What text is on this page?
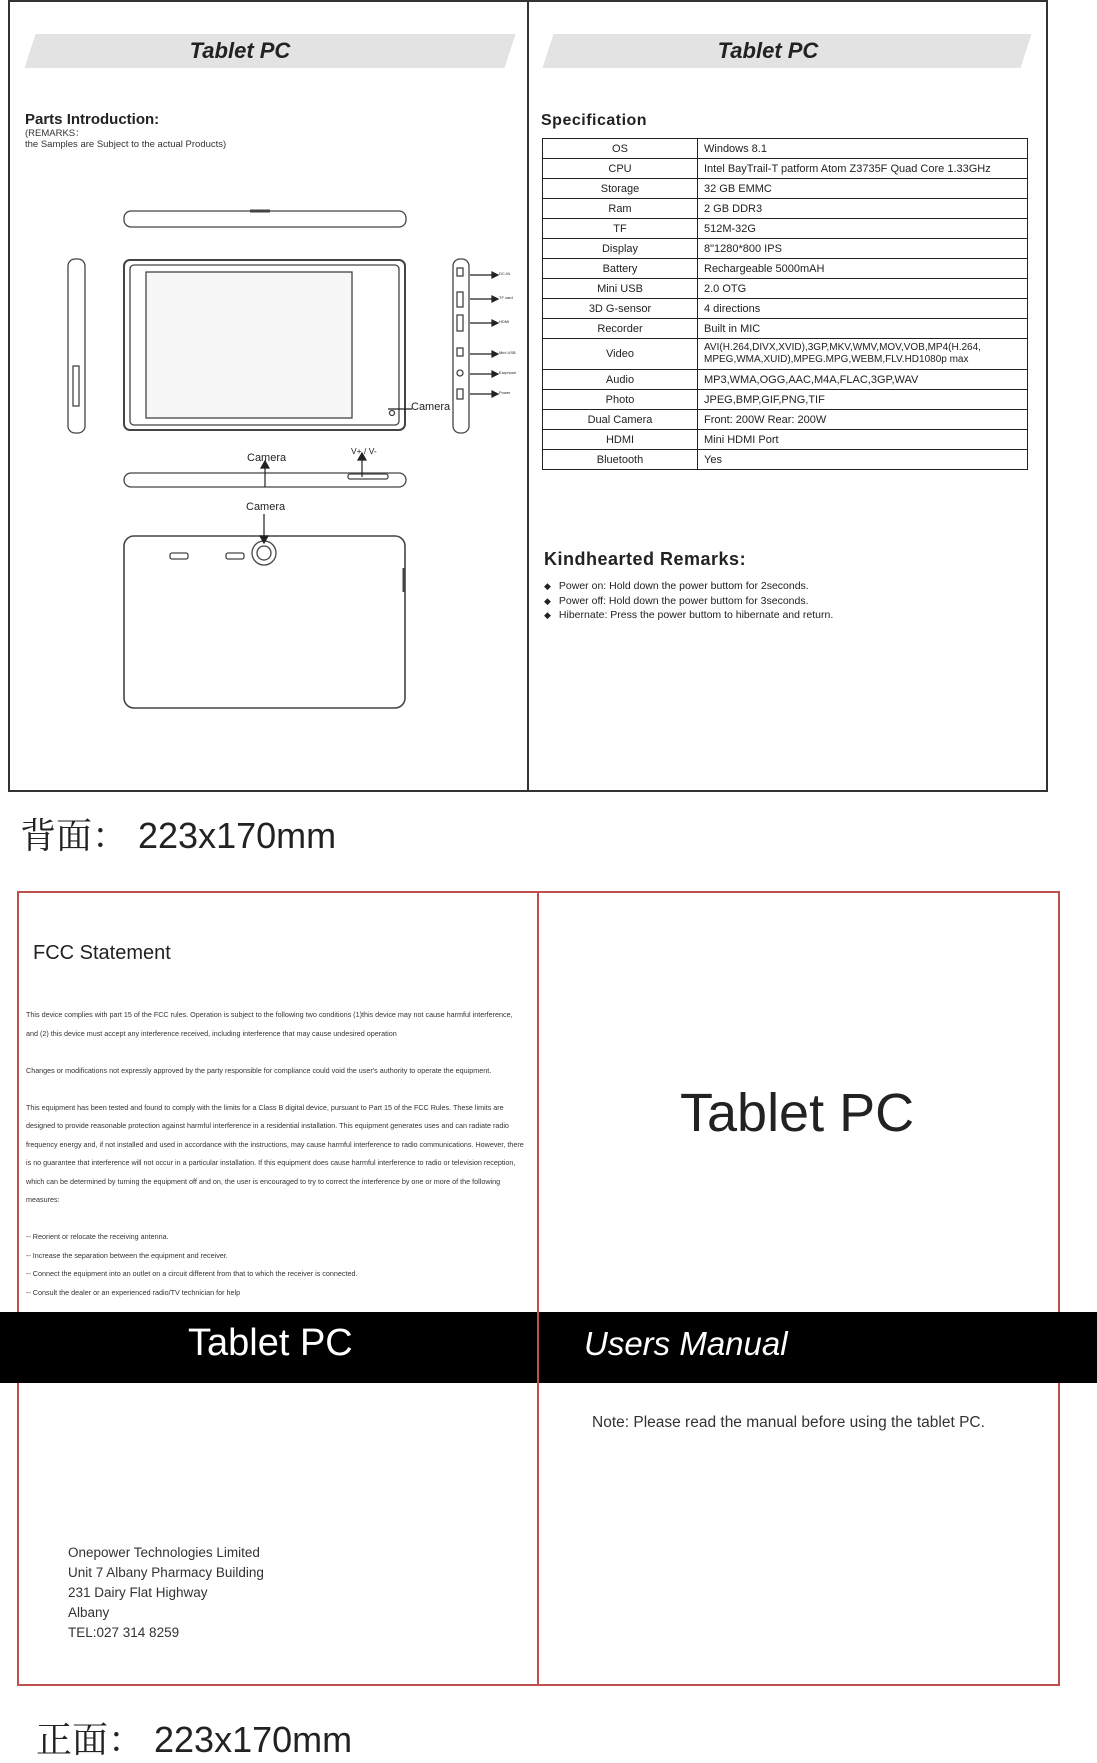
Tablet PC	Tablet PC
Parts Introduction:
(REMARKS：
the Samples are Subject to the actual Products)
Camera
Camera
V+ / V-
Camera
DC-IN
TF card
HDMI
Mini USB
Earphone
Power
Specification
OS	Windows 8.1
CPU	Intel BayTrail-T patform Atom Z3735F Quad Core 1.33GHz
Storage	32 GB EMMC
Ram	2 GB DDR3
TF	512M-32G
Display	8"1280*800 IPS
Battery	Rechargeable 5000mAH
Mini USB	2.0 OTG
3D G-sensor	4 directions
Recorder	Built in MIC
Video	AVI(H.264,DIVX,XVID),3GP,MKV,WMV,MOV,VOB,MP4(H.264, MPEG,WMA,XUID),MPEG.MPG,WEBM,FLV.HD1080p max
Audio	MP3,WMA,OGG,AAC,M4A,FLAC,3GP,WAV
Photo	JPEG,BMP,GIF,PNG,TIF
Dual Camera	Front: 200W Rear: 200W
HDMI	Mini HDMI Port
Bluetooth	Yes
Kindhearted Remarks:
◆ Power on: Hold down the power buttom for 2seconds.
◆ Power off: Hold down the power buttom for 3seconds.
◆ Hibernate: Press the power buttom to hibernate and return.
背面： 223x170mm
FCC Statement

This device complies with part 15 of the FCC rules. Operation is subject to the following two conditions (1)this device may not cause harmful interference, and (2) this device must accept any interference received, including interference that may cause undesired operation

Changes or modifications not expressly approved by the party responsible for compliance could void the user's authority to operate the equipment.

This equipment has been tested and found to comply with the limits for a Class B digital device, pursuant to Part 15 of the FCC Rules. These limits are designed to provide reasonable protection against harmful interference in a residential installation. This equipment generates uses and can radiate radio frequency energy and, if not installed and used in accordance with the instructions, may cause harmful interference to radio communications. However, there is no guarantee that interference will not occur in a particular installation. If this equipment does cause harmful interference to radio or television reception, which can be determined by turning the equipment off and on, the user is encouraged to try to correct the interference by one or more of the following measures:

-- Reorient or relocate the receiving antenna.

-- Increase the separation between the equipment and receiver.

-- Connect the equipment into an outlet on a circuit different from that to which the receiver is connected.

-- Consult the dealer or an experienced radio/TV technician for help

Tablet PC
Tablet PC	Users Manual
Note: Please read the manual before using the tablet PC.
Onepower Technologies Limited
Unit 7 Albany Pharmacy Building
231 Dairy Flat Highway
Albany
TEL:027 314 8259
正面： 223x170mm
